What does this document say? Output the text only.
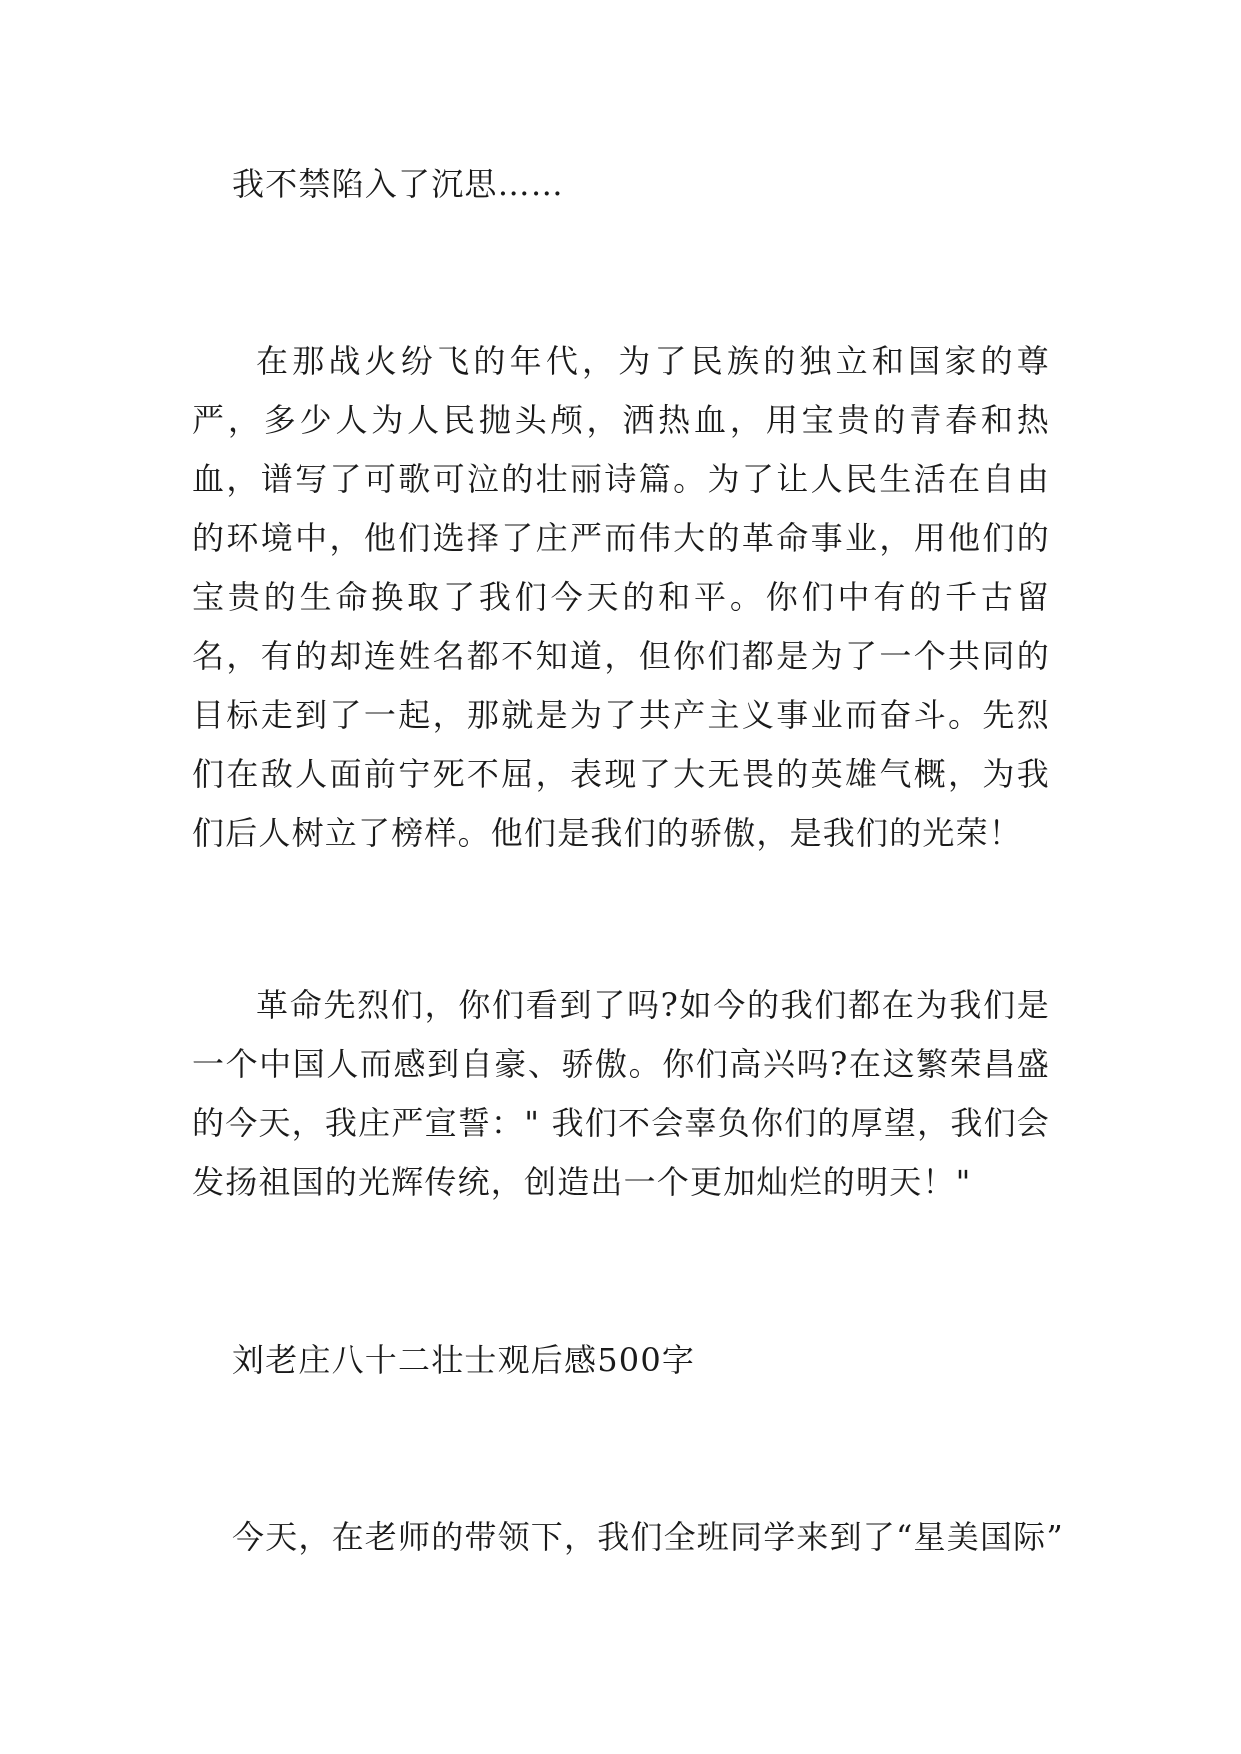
我不禁陷入了沉思……

在那战火纷飞的年代，为了民族的独立和国家的尊严，多少人为人民抛头颅，洒热血，用宝贵的青春和热血，谱写了可歌可泣的壮丽诗篇。为了让人民生活在自由的环境中，他们选择了庄严而伟大的革命事业，用他们的宝贵的生命换取了我们今天的和平。你们中有的千古留名，有的却连姓名都不知道，但你们都是为了一个共同的目标走到了一起，那就是为了共产主义事业而奋斗。先烈们在敌人面前宁死不屈，表现了大无畏的英雄气概，为我们后人树立了榜样。他们是我们的骄傲，是我们的光荣！

革命先烈们，你们看到了吗?如今的我们都在为我们是一个中国人而感到自豪、骄傲。你们高兴吗?在这繁荣昌盛的今天，我庄严宣誓：" 我们不会辜负你们的厚望，我们会发扬祖国的光辉传统，创造出一个更加灿烂的明天！"

刘老庄八十二壮士观后感500字

今天，在老师的带领下，我们全班同学来到了“星美国际”
